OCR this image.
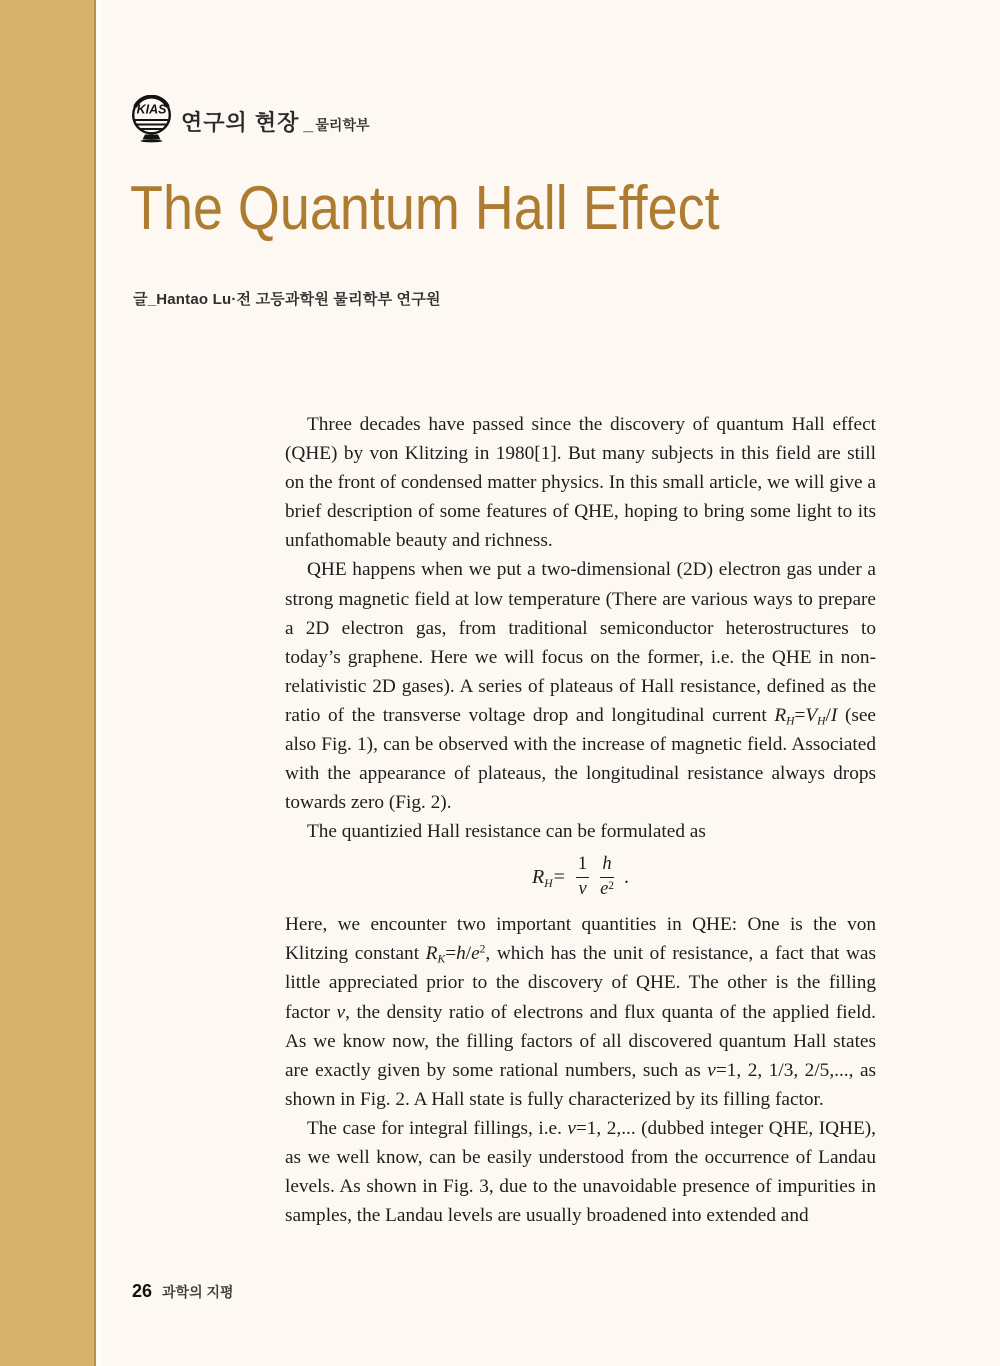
KIAS
연구의 현장 _ 물리학부
The Quantum Hall Effect
글_Hantao Lu·전 고등과학원 물리학부 연구원

Three decades have passed since the discovery of quantum Hall effect (QHE) by von Klitzing in 1980[1]. But many subjects in this field are still on the front of condensed matter physics. In this small article, we will give a brief description of some features of QHE, hoping to bring some light to its unfathomable beauty and richness.

QHE happens when we put a two-dimensional (2D) electron gas under a strong magnetic field at low temperature (There are various ways to prepare a 2D electron gas, from traditional semiconductor heterostructures to today’s graphene. Here we will focus on the former, i.e. the QHE in non-relativistic 2D gases). A series of plateaus of Hall resistance, defined as the ratio of the transverse voltage drop and longitudinal current $R_H=V_H/I$ (see also Fig. 1), can be observed with the increase of magnetic field. Associated with the appearance of plateaus, the longitudinal resistance always drops towards zero (Fig. 2).

The quantizied Hall resistance can be formulated as

$R_H= \frac{1}{\nu}$
$\frac{h}{e^2}$ .

Here, we encounter two important quantities in QHE: One is the von Klitzing constant $R_K=h/e^2$, which has the unit of resistance, a fact that was little appreciated prior to the discovery of QHE. The other is the filling factor ν, the density ratio of electrons and flux quanta of the applied field. As we know now, the filling factors of all discovered quantum Hall states are exactly given by some rational numbers, such as ν=1, 2, 1/3, 2/5,..., as shown in Fig. 2. A Hall state is fully characterized by its filling factor.

The case for integral fillings, i.e. ν=1, 2,... (dubbed integer QHE, IQHE), as we well know, can be easily understood from the occurrence of Landau levels. As shown in Fig. 3, due to the unavoidable presence of impurities in samples, the Landau levels are usually broadened into extended and

26 과학의 지평
